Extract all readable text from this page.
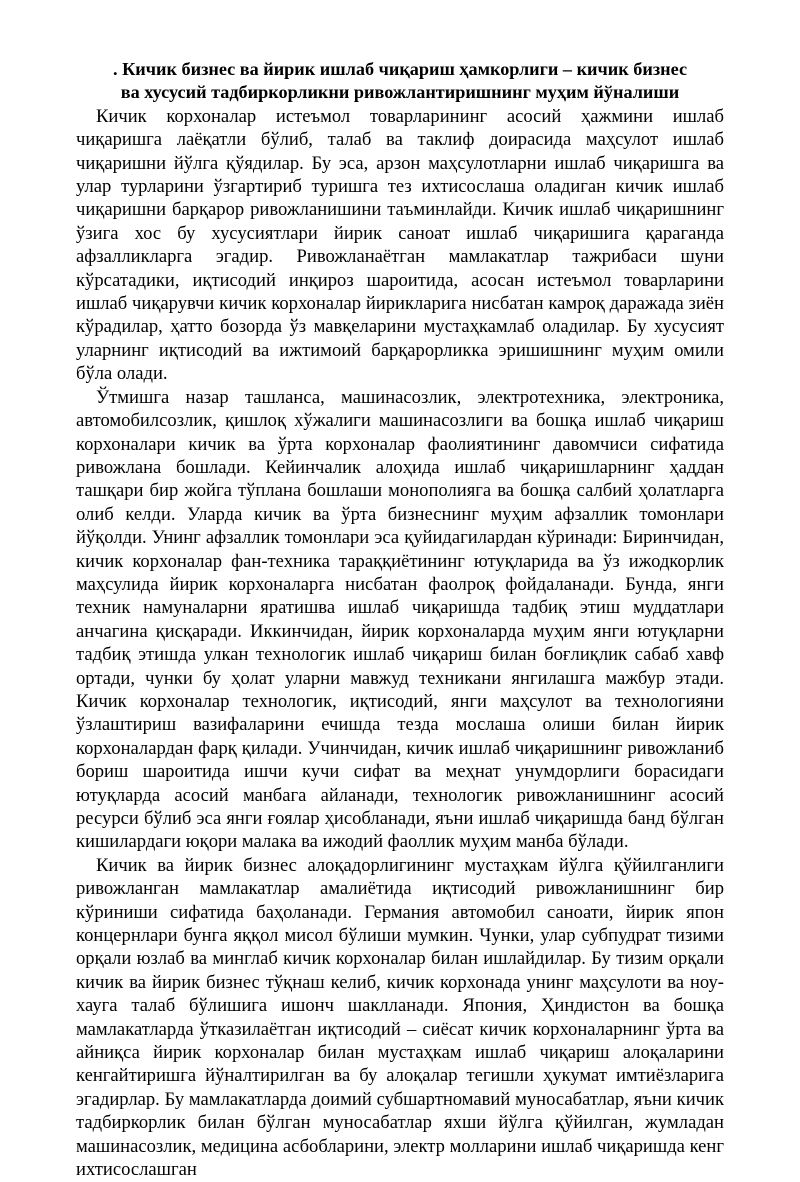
. Кичик бизнес ва йирик ишлаб чиқариш ҳамкорлиги – кичик бизнес
ва хусусий тадбиркорликни ривожлантиришнинг муҳим йўналиши

Кичик корхоналар истеъмол товарларининг асосий ҳажмини ишлаб чиқаришга лаёқатли бўлиб, талаб ва таклиф доирасида маҳсулот ишлаб чиқаришни йўлга қўядилар. Бу эса, арзон маҳсулотларни ишлаб чиқаришга ва улар турларини ўзгартириб туришга тез ихтисослаша оладиган кичик ишлаб чиқаришни барқарор ривожланишини таъминлайди. Кичик ишлаб чиқаришнинг ўзига хос бу хусусиятлари йирик саноат ишлаб чиқаришига қараганда афзалликларга эгадир. Ривожланаётган мамлакатлар тажрибаси шуни кўрсатадики, иқтисодий инқироз шароитида, асосан истеъмол товарларини ишлаб чиқарувчи кичик корхоналар йирикларига нисбатан камроқ даражада зиён кўрадилар, ҳатто бозорда ўз мавқеларини мустаҳкамлаб оладилар. Бу хусусият уларнинг иқтисодий ва ижтимоий барқарорликка эришишнинг муҳим омили бўла олади.

Ўтмишга назар ташланса, машинасозлик, электротехника, электроника, автомобилсозлик, қишлоқ хўжалиги машинасозлиги ва бошқа ишлаб чиқариш корхоналари кичик ва ўрта корхоналар фаолиятининг давомчиси сифатида ривожлана бошлади. Кейинчалик алоҳида ишлаб чиқаришларнинг ҳаддан ташқари бир жойга тўплана бошлаши монополияга ва бошқа салбий ҳолатларга олиб келди. Уларда кичик ва ўрта бизнеснинг муҳим афзаллик томонлари йўқолди. Унинг афзаллик томонлари эса қуйидагилардан кўринади: Биринчидан, кичик корхоналар фан-техника тараққиётининг ютуқларида ва ўз ижодкорлик маҳсулида йирик корхоналарга нисбатан фаолроқ фойдаланади. Бунда, янги техник намуналарни яратишва ишлаб чиқаришда тадбиқ этиш муддатлари анчагина қисқаради. Иккинчидан, йирик корхоналарда муҳим янги ютуқларни тадбиқ этишда улкан технологик ишлаб чиқариш билан боғлиқлик сабаб хавф ортади, чунки бу ҳолат уларни мавжуд техникани янгилашга мажбур этади. Кичик корхоналар технологик, иқтисодий, янги маҳсулот ва технологияни ўзлаштириш вазифаларини ечишда тезда мослаша олиши билан йирик корхоналардан фарқ қилади. Учинчидан, кичик ишлаб чиқаришнинг ривожланиб бориш шароитида ишчи кучи сифат ва меҳнат унумдорлиги борасидаги ютуқларда асосий манбага айланади, технологик ривожланишнинг асосий ресурси бўлиб эса янги ғоялар ҳисобланади, яъни ишлаб чиқаришда банд бўлган кишилардаги юқори малака ва ижодий фаоллик муҳим манба бўлади.

Кичик ва йирик бизнес алоқадорлигининг мустаҳкам йўлга қўйилганлиги ривожланган мамлакатлар амалиётида иқтисодий ривожланишнинг бир кўриниши сифатида баҳоланади. Германия автомобил саноати, йирик япон концернлари бунга яққол мисол бўлиши мумкин. Чунки, улар субпудрат тизими орқали юзлаб ва минглаб кичик корхоналар билан ишлайдилар. Бу тизим орқали кичик ва йирик бизнес тўқнаш келиб, кичик корхонада унинг маҳсулоти ва ноу-хауга талаб бўлишига ишонч шаклланади. Япония, Ҳиндистон ва бошқа мамлакатларда ўтказилаётган иқтисодий – сиёсат кичик корхоналарнинг ўрта ва айниқса йирик корхоналар билан мустаҳкам ишлаб чиқариш алоқаларини кенгайтиришга йўналтирилган ва бу алоқалар тегишли ҳукумат имтиёзларига эгадирлар. Бу мамлакатларда доимий субшартномавий муносабатлар, яъни кичик тадбиркорлик билан бўлган муносабатлар яхши йўлга қўйилган, жумладан машинасозлик, медицина асбобларини, электр молларини ишлаб чиқаришда кенг ихтисослашган
